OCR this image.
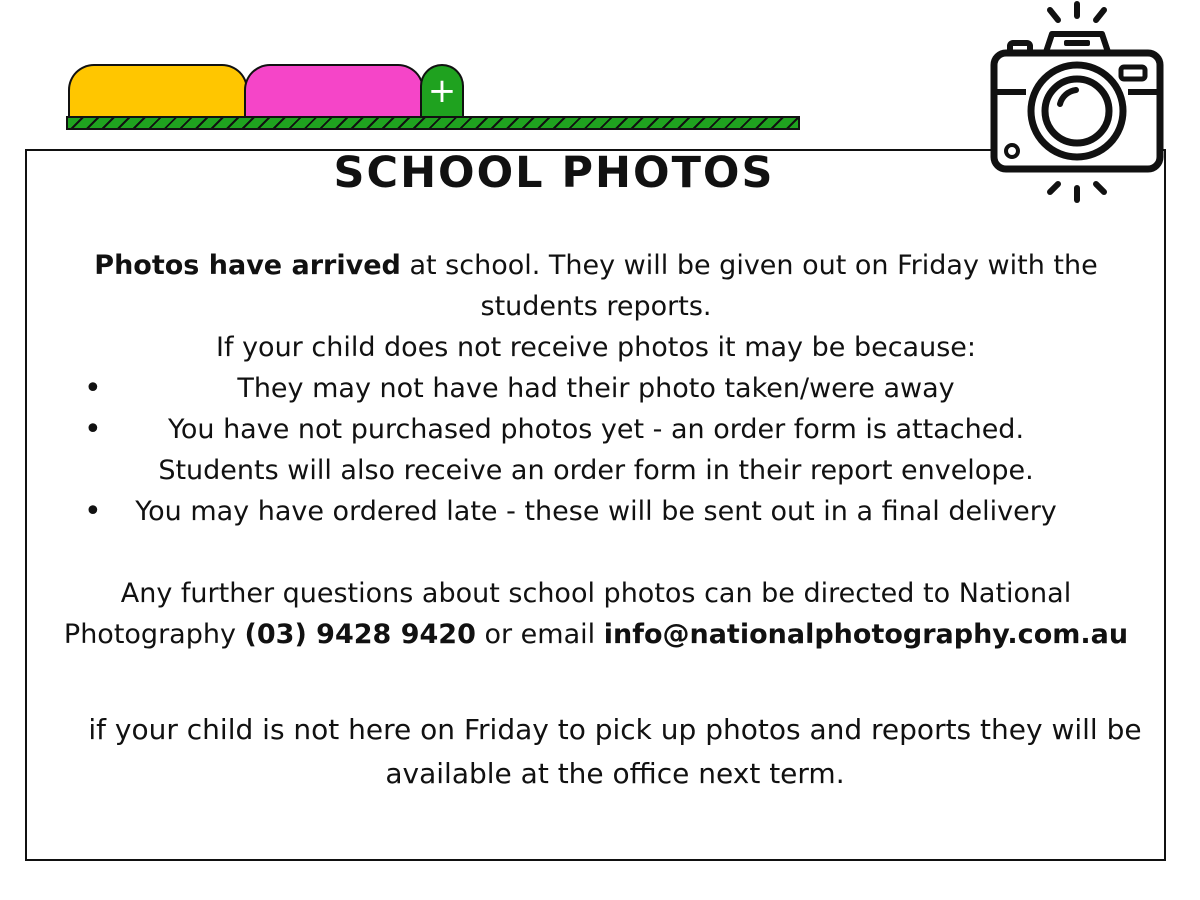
+
SCHOOL PHOTOS

Photos have arrived at school. They will be given out on Friday with the

students reports.

If your child does not receive photos it may be because:

•	They may not have had their photo taken/were away
• You have not purchased photos yet - an order form is attached.
Students will also receive an order form in their report envelope.
• You may have ordered late - these will be sent out in a final delivery

Any further questions about school photos can be directed to National

Photography (03) 9428 9420 or email info@nationalphotography.com.au

if your child is not here on Friday to pick up photos and reports they will be

available at the office next term.
